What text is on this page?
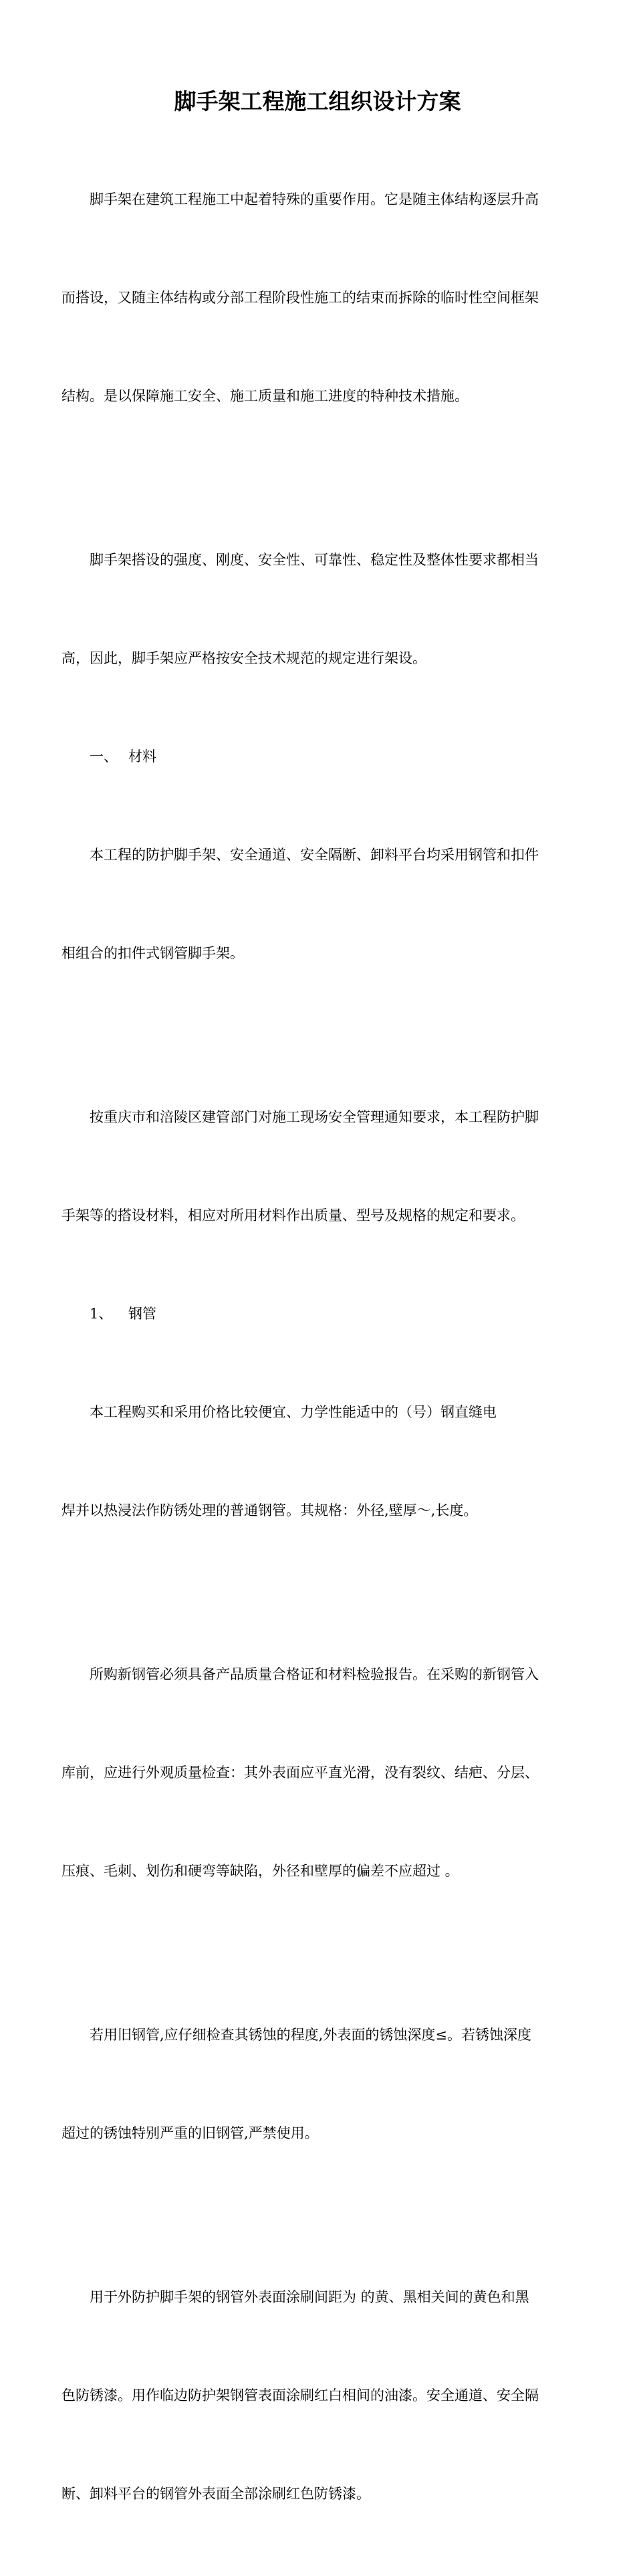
脚手架工程施工组织设计方案

脚手架在建筑工程施工中起着特殊的重要作用。它是随主体结构逐层升高

而搭设，又随主体结构或分部工程阶段性施工的结束而拆除的临时性空间框架

结构。是以保障施工安全、施工质量和施工进度的特种技术措施。

脚手架搭设的强度、刚度、安全性、可靠性、稳定性及整体性要求都相当

高，因此，脚手架应严格按安全技术规范的规定进行架设。

一、 材料

本工程的防护脚手架、安全通道、安全隔断、卸料平台均采用钢管和扣件

相组合的扣件式钢管脚手架。

按重庆市和涪陵区建管部门对施工现场安全管理通知要求，本工程防护脚

手架等的搭设材料，相应对所用材料作出质量、型号及规格的规定和要求。

1、 钢管

本工程购买和采用价格比较便宜、力学性能适中的（号）钢直缝电

焊并以热浸法作防锈处理的普通钢管。其规格：外径,壁厚～,长度。

所购新钢管必须具备产品质量合格证和材料检验报告。在采购的新钢管入

库前，应进行外观质量检查：其外表面应平直光滑，没有裂纹、结疤、分层、

压痕、毛刺、划伤和硬弯等缺陷，外径和壁厚的偏差不应超过 。

若用旧钢管,应仔细检查其锈蚀的程度,外表面的锈蚀深度≤。若锈蚀深度

超过的锈蚀特别严重的旧钢管,严禁使用。

用于外防护脚手架的钢管外表面涂刷间距为 的黄、黑相关间的黄色和黑

色防锈漆。用作临边防护架钢管表面涂刷红白相间的油漆。安全通道、安全隔

断、卸料平台的钢管外表面全部涂刷红色防锈漆。
